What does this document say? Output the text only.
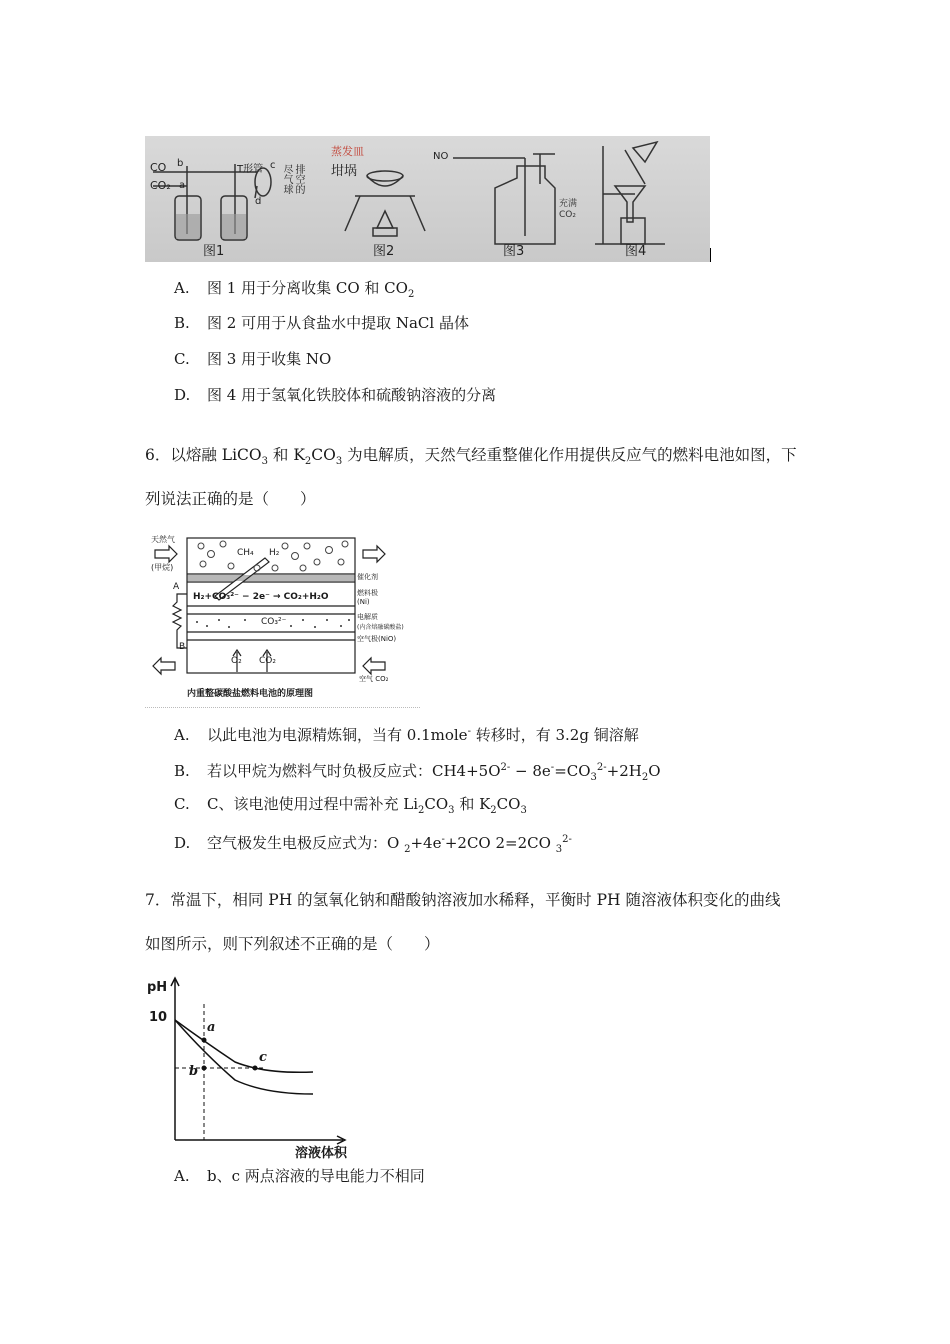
CO
CO₂
b
a
T形管 c
d
尽气球 排空的
蒸发皿
坩埚
NO
充满
CO₂
图1	图2	图3	图4
A. 图 1 用于分离收集 CO 和 $CO_2$
B. 图 2 可用于从食盐水中提取 NaCl 晶体
C. 图 3 用于收集 NO
D. 图 4 用于氢氧化铁胶体和硫酸钠溶液的分离
6．以熔融 LiCO$_3$ 和 $K_2CO_3$ 为电解质，天然气经重整催化作用提供反应气的燃料电池如图，下
列说法正确的是（　　）
天然气
(甲烷)
CH₄ H₂
H₂+CO₃²⁻ − 2e⁻ → CO₂+H₂O
CO₃²⁻
A
B
O₂ CO₂
催化剂
燃料极
(Ni)
电解质
(内含熔融碳酸盐)
空气极(NiO)
空气 CO₂
内重整碳酸盐燃料电池的原理图
A. 以此电池为电源精炼铜，当有 0.1mole- 转移时，有 3.2g 铜溶解
B. 若以甲烷为燃料气时负极反应式：$CH4+5O^{2-} - 8e^-=CO_3^{2-}+2H_2O$
C. C、该电池使用过程中需补充 $Li_2CO_3$ 和 $K_2CO_3$
D. 空气极发生电极反应式为：O $_2$+4e-+2CO 2=2CO $_3^{2-}$
7．常温下，相同 PH 的氢氧化钠和醋酸钠溶液加水稀释，平衡时 PH 随溶液体积变化的曲线
如图所示，则下列叙述不正确的是（　　）
pH
10
a
b
c
溶液体积
A. b、c 两点溶液的导电能力不相同
